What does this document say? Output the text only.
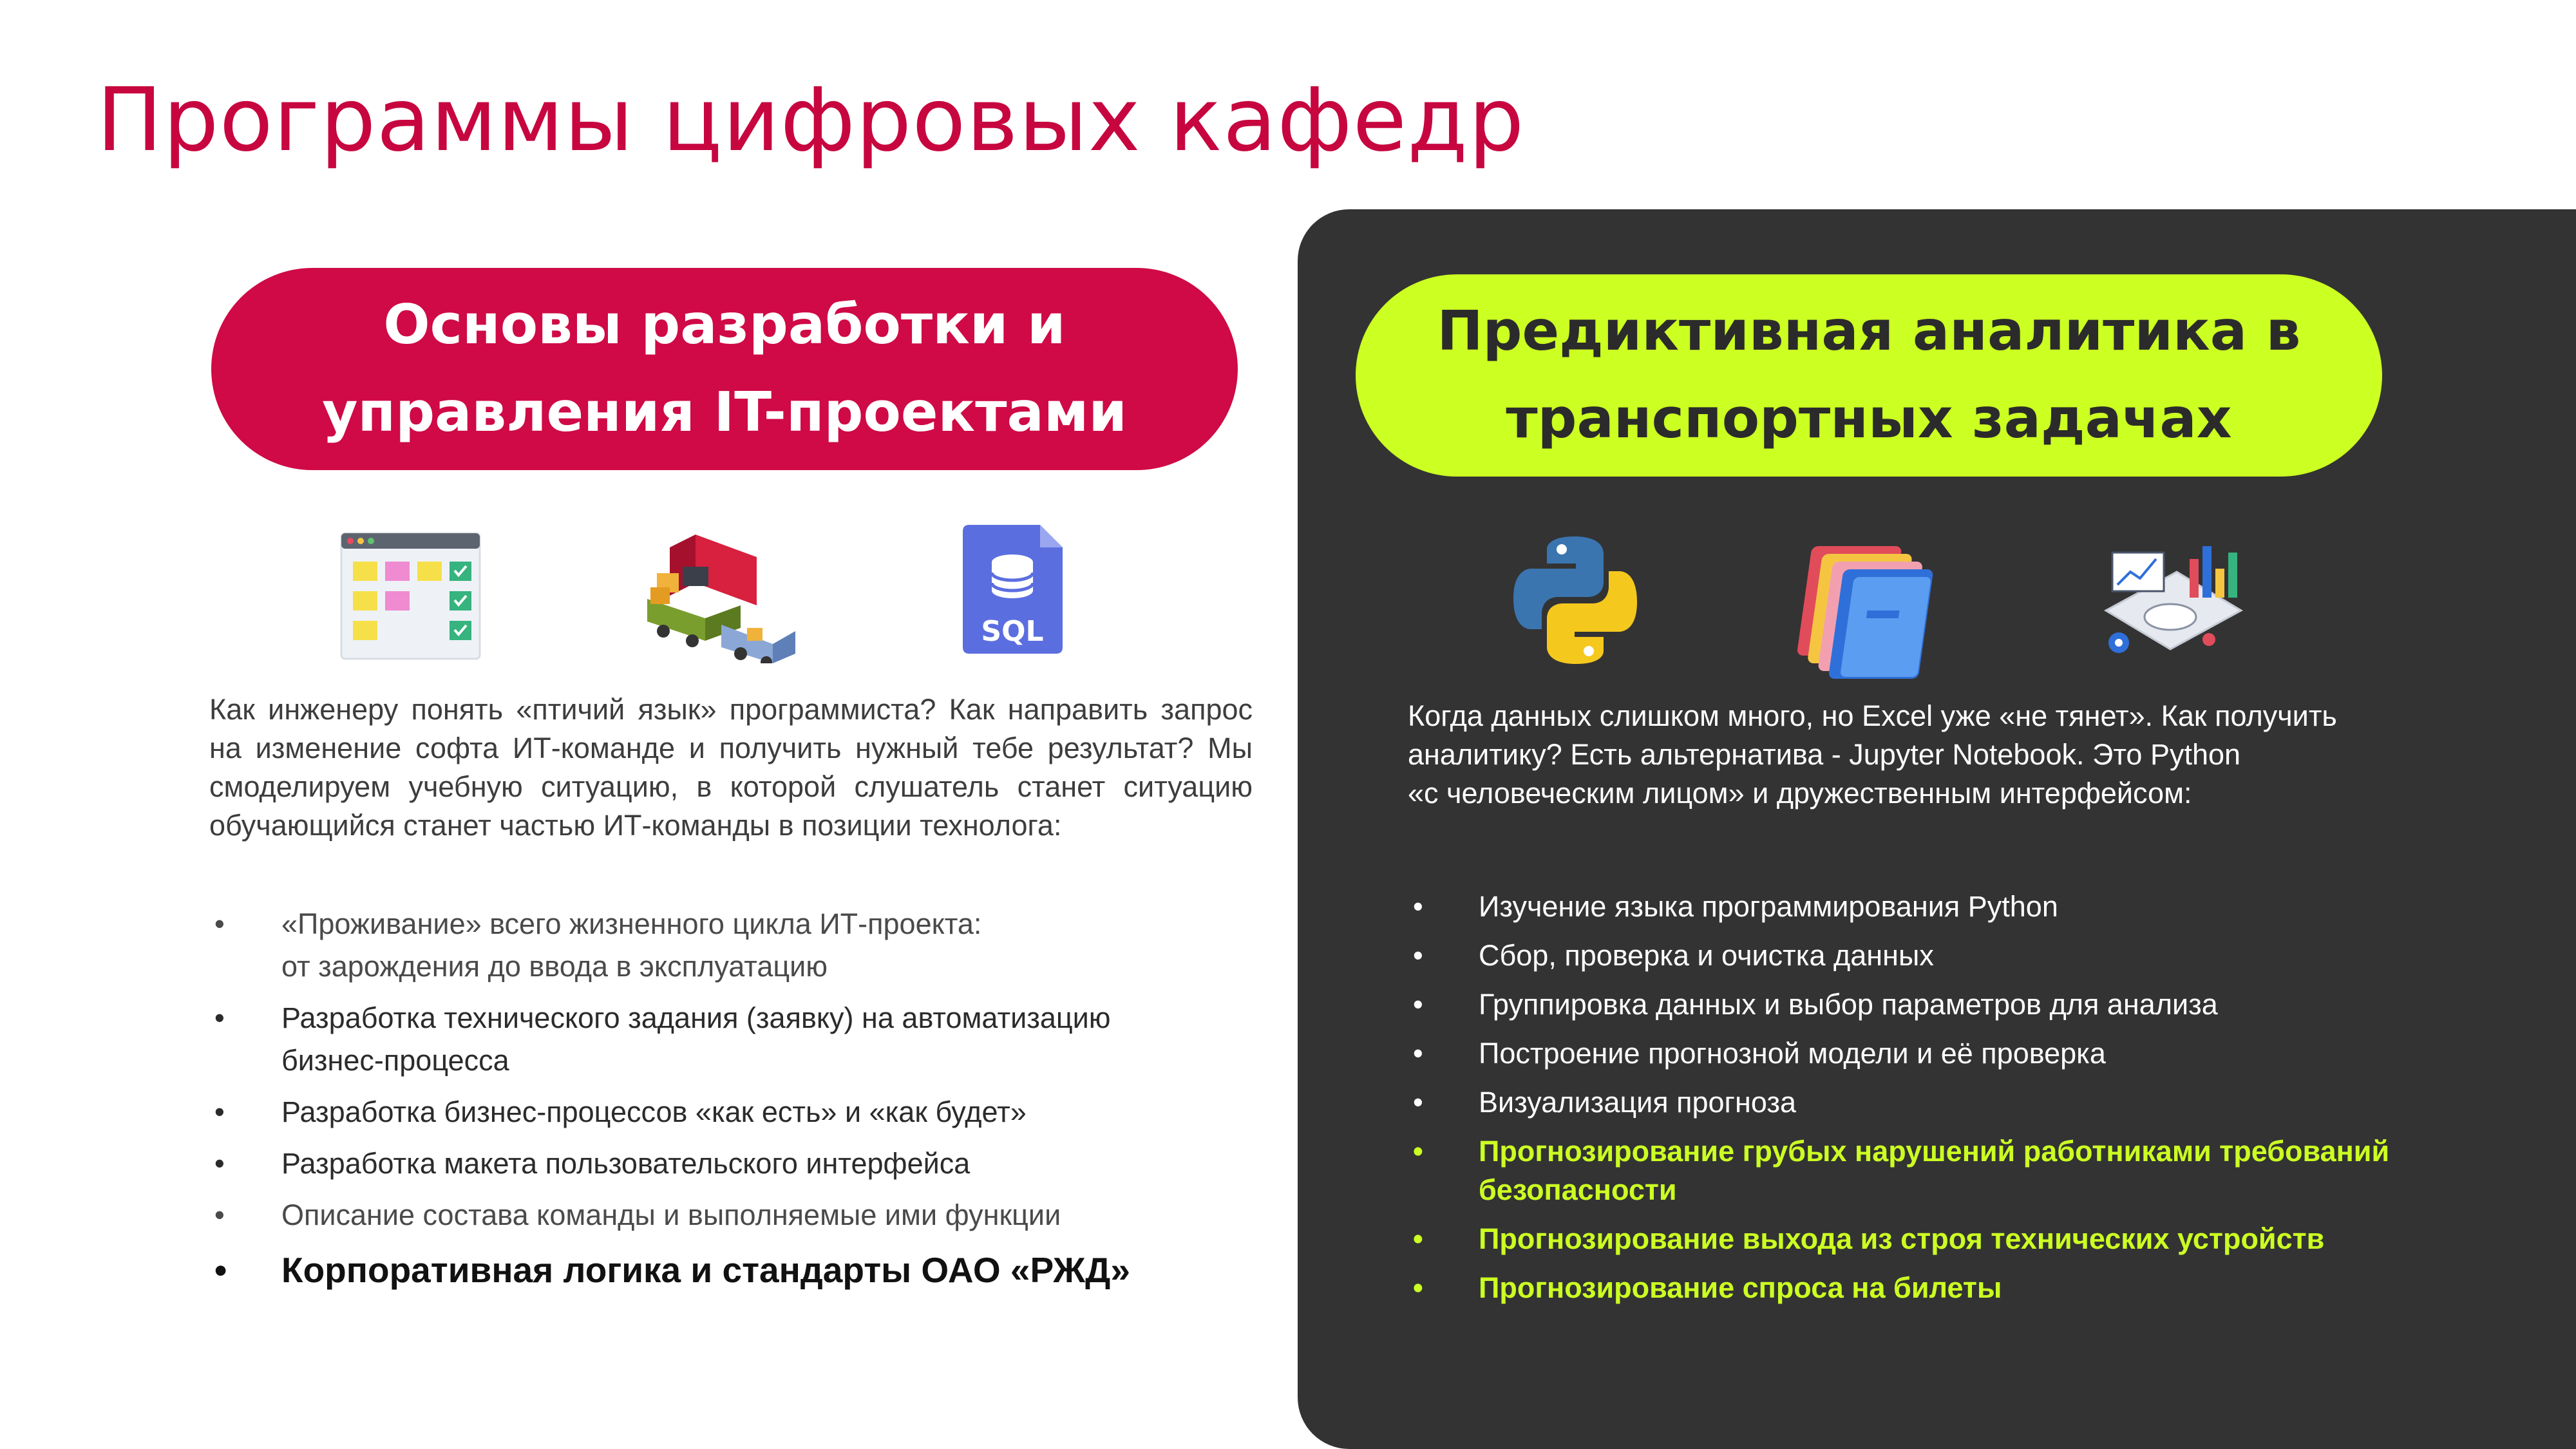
Программы цифровых кафедр
Основы разработки и
управления IT-проектами
SQL
Как инженеру понять «птичий язык» программиста? Как направить запрос на изменение софта ИТ-команде и получить нужный тебе результат? Мы смоделируем учебную ситуацию, в которой слушатель станет ситуацию обучающийся станет частью ИТ-команды в позиции технолога:
• «Проживание» всего жизненного цикла ИТ-проекта:
от зарождения до ввода в эксплуатацию
• Разработка технического задания (заявку) на автоматизацию
бизнес-процесса
• Разработка бизнес-процессов «как есть» и «как будет»
• Разработка макета пользовательского интерфейса
• Описание состава команды и выполняемые ими функции
• Корпоративная логика и стандарты ОАО «РЖД»
Предиктивная аналитика в
транспортных задачах
Когда данных слишком много, но Excel уже «не тянет». Как получить
аналитику? Есть альтернатива - Jupyter Notebook. Это Python
«с человеческим лицом» и дружественным интерфейсом:
• Изучение языка программирования Python
• Сбор, проверка и очистка данных
• Группировка данных и выбор параметров для анализа
• Построение прогнозной модели и её проверка
• Визуализация прогноза
• Прогнозирование грубых нарушений работниками требований
безопасности
• Прогнозирование выхода из строя технических устройств
• Прогнозирование спроса на билеты
